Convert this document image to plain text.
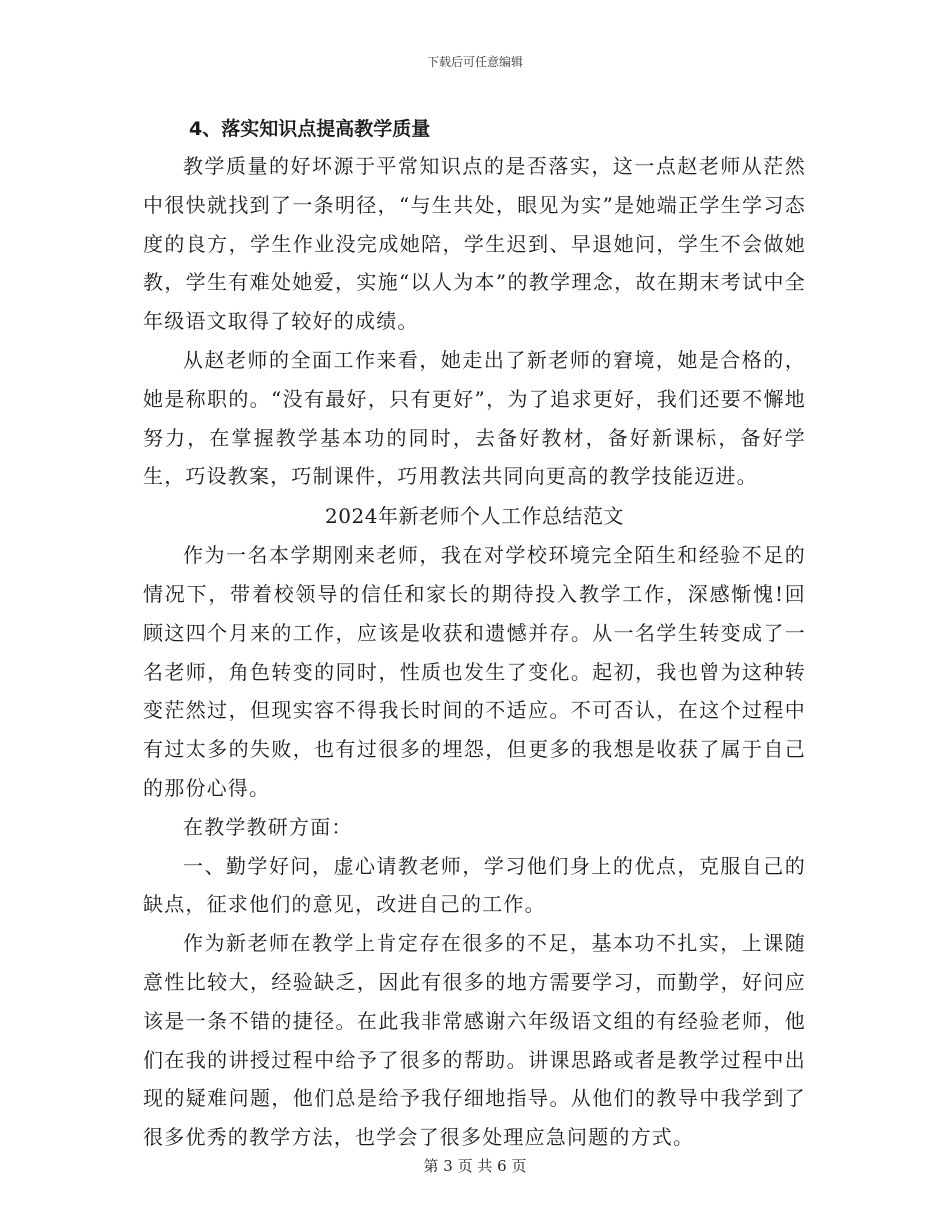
下载后可任意编辑
4、落实知识点提高教学质量

教学质量的好坏源于平常知识点的是否落实，这一点赵老师从茫然中很快就找到了一条明径，“与生共处，眼见为实”是她端正学生学习态度的良方，学生作业没完成她陪，学生迟到、早退她问，学生不会做她教，学生有难处她爱，实施“以人为本”的教学理念，故在期末考试中全年级语文取得了较好的成绩。

从赵老师的全面工作来看，她走出了新老师的窘境，她是合格的，她是称职的。“没有最好，只有更好”，为了追求更好，我们还要不懈地努力，在掌握教学基本功的同时，去备好教材，备好新课标，备好学生，巧设教案，巧制课件，巧用教法共同向更高的教学技能迈进。

2024年新老师个人工作总结范文

作为一名本学期刚来老师，我在对学校环境完全陌生和经验不足的情况下，带着校领导的信任和家长的期待投入教学工作，深感惭愧!回顾这四个月来的工作，应该是收获和遗憾并存。从一名学生转变成了一名老师，角色转变的同时，性质也发生了变化。起初，我也曾为这种转变茫然过，但现实容不得我长时间的不适应。不可否认，在这个过程中有过太多的失败，也有过很多的埋怨，但更多的我想是收获了属于自己的那份心得。

在教学教研方面：

一、勤学好问，虚心请教老师，学习他们身上的优点，克服自己的缺点，征求他们的意见，改进自己的工作。

作为新老师在教学上肯定存在很多的不足，基本功不扎实，上课随意性比较大，经验缺乏，因此有很多的地方需要学习，而勤学，好问应该是一条不错的捷径。在此我非常感谢六年级语文组的有经验老师，他们在我的讲授过程中给予了很多的帮助。讲课思路或者是教学过程中出现的疑难问题，他们总是给予我仔细地指导。从他们的教导中我学到了很多优秀的教学方法，也学会了很多处理应急问题的方式。

第 3 页 共 6 页
